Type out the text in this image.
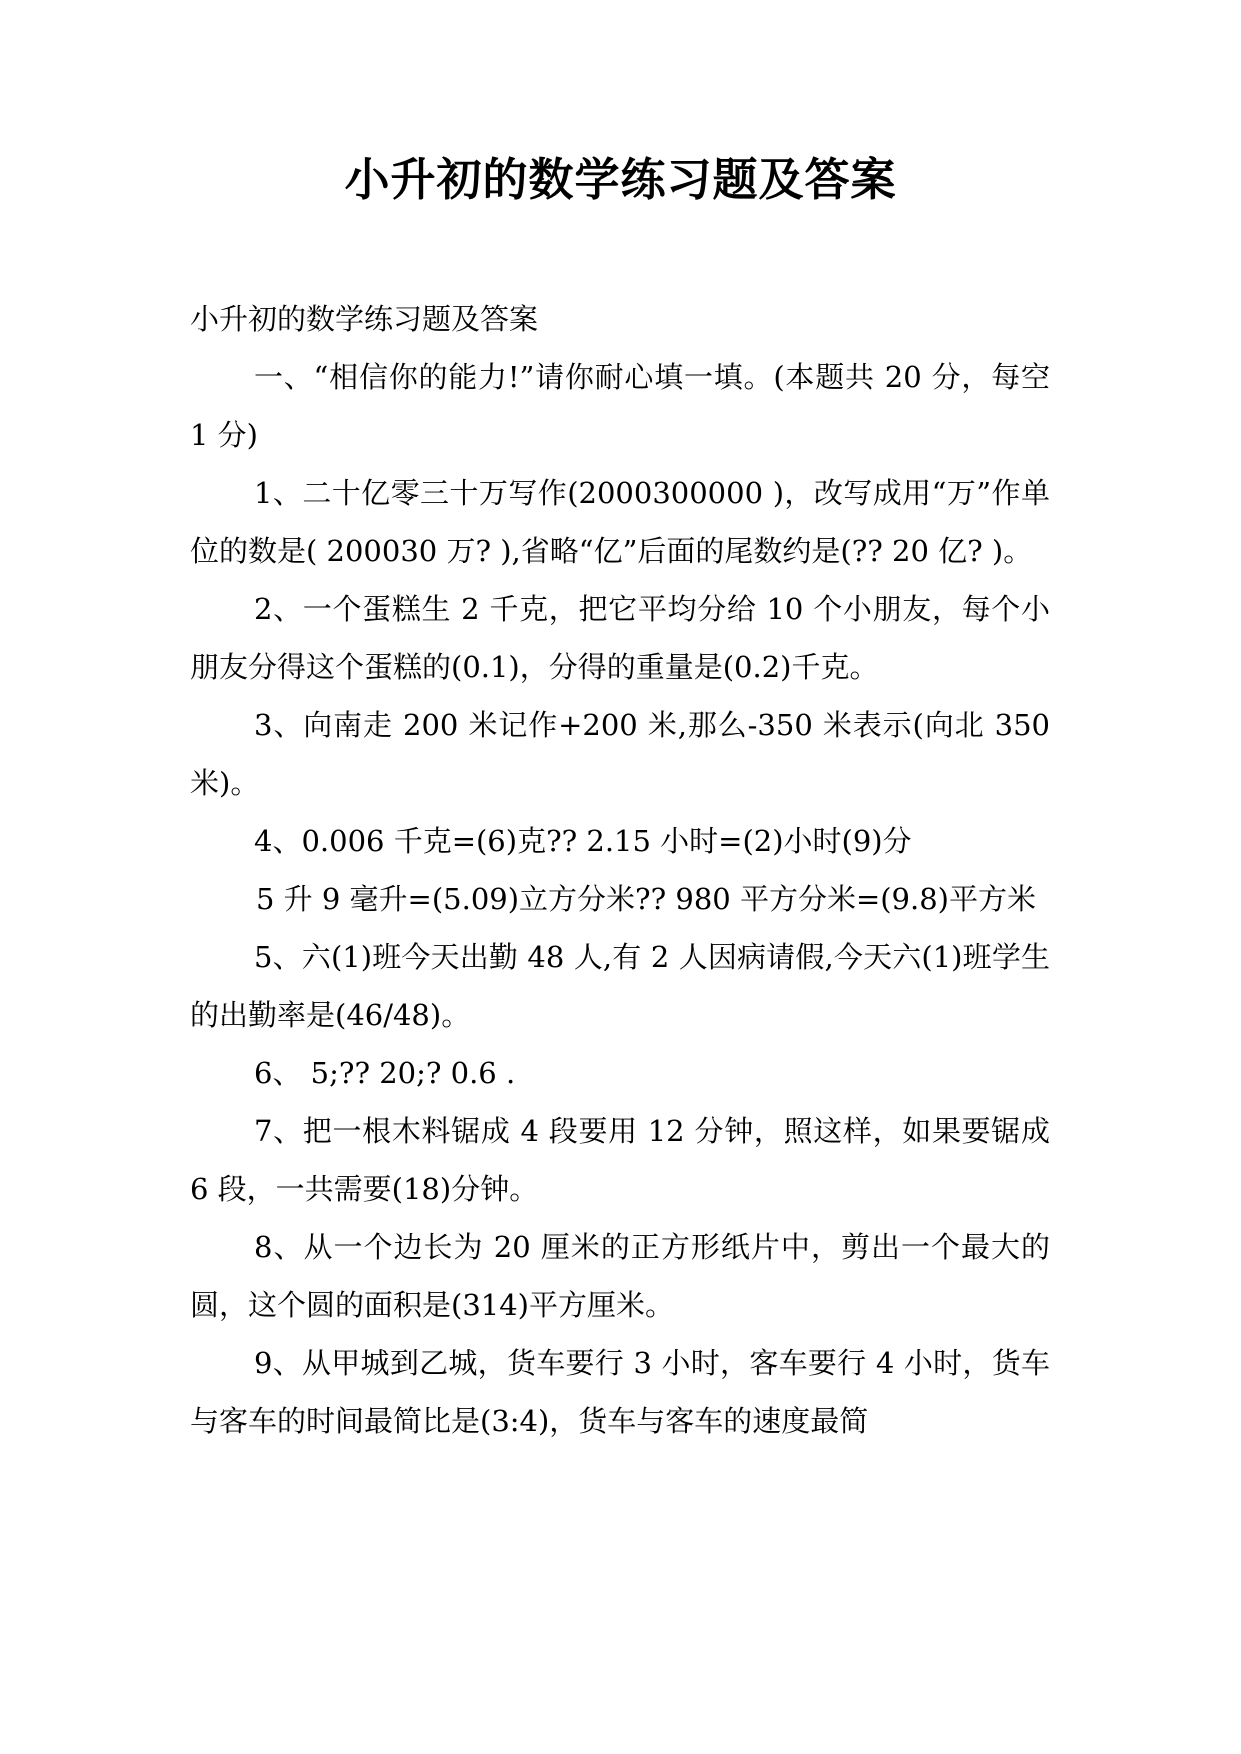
小升初的数学练习题及答案

小升初的数学练习题及答案

一、“相信你的能力!”请你耐心填一填。(本题共 20 分，每空 1 分)

1、二十亿零三十万写作(2000300000 )，改写成用“万”作单位的数是( 200030 万? ),省略“亿”后面的尾数约是(?? 20 亿? )。

2、一个蛋糕生 2 千克，把它平均分给 10 个小朋友，每个小朋友分得这个蛋糕的(0.1)，分得的重量是(0.2)千克。

3、向南走 200 米记作+200 米,那么-350 米表示(向北 350 米)。

4、0.006 千克=(6)克?? 2.15 小时=(2)小时(9)分

5 升 9 毫升=(5.09)立方分米?? 980 平方分米=(9.8)平方米

5、六(1)班今天出勤 48 人,有 2 人因病请假,今天六(1)班学生的出勤率是(46/48)。

6、 5;?? 20;? 0.6 .

7、把一根木料锯成 4 段要用 12 分钟，照这样，如果要锯成 6 段，一共需要(18)分钟。

8、从一个边长为 20 厘米的正方形纸片中，剪出一个最大的圆，这个圆的面积是(314)平方厘米。

9、从甲城到乙城，货车要行 3 小时，客车要行 4 小时，货车与客车的时间最简比是(3:4)，货车与客车的速度最简
